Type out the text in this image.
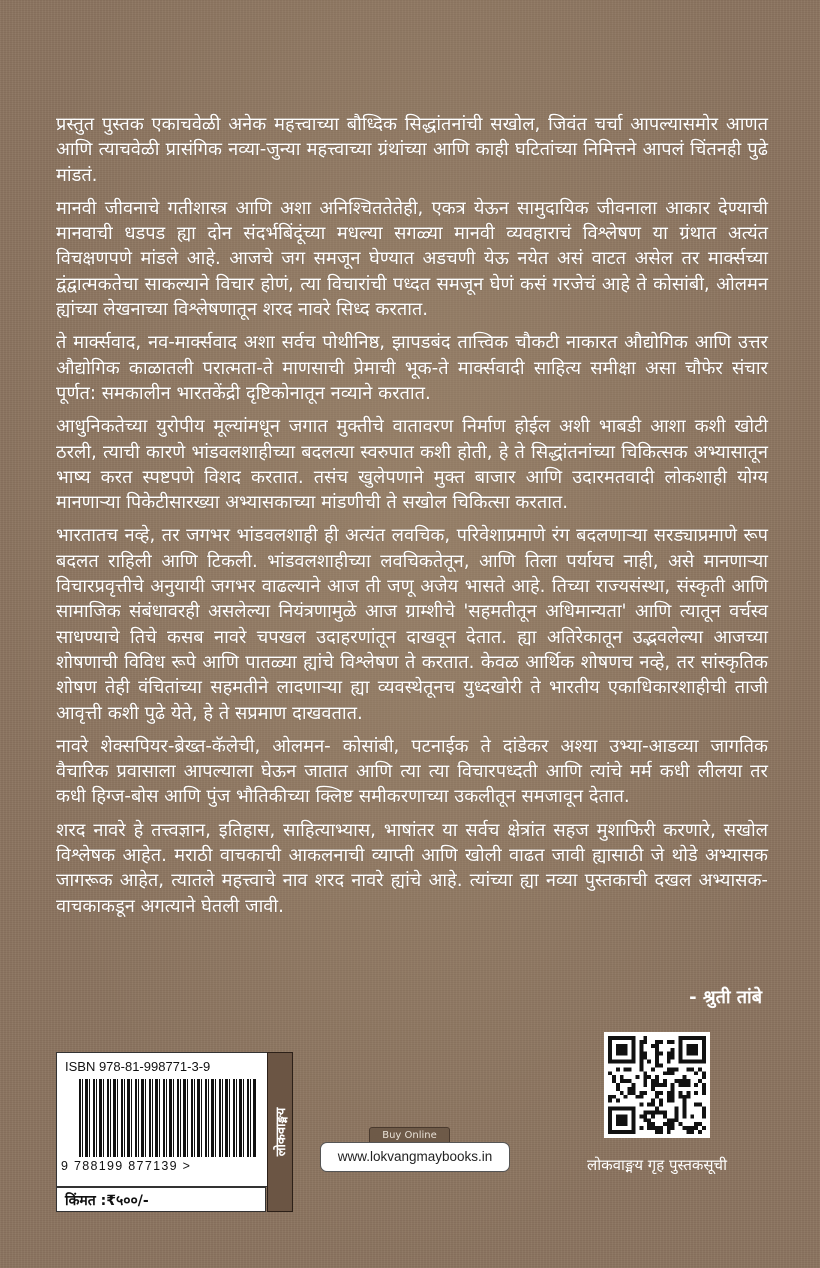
प्रस्तुत पुस्तक एकाचवेळी अनेक महत्त्वाच्या बौध्दिक सिद्धांतनांची सखोल, जिवंत चर्चा आपल्यासमोर आणत आणि त्याचवेळी प्रासंगिक नव्या-जुन्या महत्त्वाच्या ग्रंथांच्या आणि काही घटितांच्या निमित्तने आपलं चिंतनही पुढे मांडतं.

मानवी जीवनाचे गतीशास्त्र आणि अशा अनिश्चिततेतेही, एकत्र येऊन सामुदायिक जीवनाला आकार देण्याची मानवाची धडपड ह्या दोन संदर्भबिंदूंच्या मधल्या सगळ्या मानवी व्यवहाराचं विश्लेषण या ग्रंथात अत्यंत विचक्षणपणे मांडले आहे. आजचे जग समजून घेण्यात अडचणी येऊ नयेत असं वाटत असेल तर मार्क्सच्या द्वंद्वात्मकतेचा साकल्याने विचार होणं, त्या विचारांची पध्दत समजून घेणं कसं गरजेचं आहे ते कोसांबी, ओलमन ह्यांच्या लेखनाच्या विश्लेषणातून शरद नावरे सिध्द करतात.

ते मार्क्सवाद, नव-मार्क्सवाद अशा सर्वच पोथीनिष्ठ, झापडबंद तात्त्विक चौकटी नाकारत औद्योगिक आणि उत्तर औद्योगिक काळातली परात्मता-ते माणसाची प्रेमाची भूक-ते मार्क्सवादी साहित्य समीक्षा असा चौफेर संचार पूर्णत: समकालीन भारतकेंद्री दृष्टिकोनातून नव्याने करतात.

आधुनिकतेच्या युरोपीय मूल्यांमधून जगात मुक्तीचे वातावरण निर्माण होईल अशी भाबडी आशा कशी खोटी ठरली, त्याची कारणे भांडवलशाहीच्या बदलत्या स्वरुपात कशी होती, हे ते सिद्धांतनांच्या चिकित्सक अभ्यासातून भाष्य करत स्पष्टपणे विशद करतात. तसंच खुलेपणाने मुक्त बाजार आणि उदारमतवादी लोकशाही योग्य मानणाऱ्या पिकेटीसारख्या अभ्यासकाच्या मांडणीची ते सखोल चिकित्सा करतात.

भारतातच नव्हे, तर जगभर भांडवलशाही ही अत्यंत लवचिक, परिवेशाप्रमाणे रंग बदलणाऱ्या सरड्याप्रमाणे रूप बदलत राहिली आणि टिकली. भांडवलशाहीच्या लवचिकतेतून, आणि तिला पर्यायच नाही, असे मानणाऱ्या विचारप्रवृत्तीचे अनुयायी जगभर वाढल्याने आज ती जणू अजेय भासते आहे. तिच्या राज्यसंस्था, संस्कृती आणि सामाजिक संबंधावरही असलेल्या नियंत्रणामुळे आज ग्राम्शीचे 'सहमतीतून अधिमान्यता' आणि त्यातून वर्चस्व साधण्याचे तिचे कसब नावरे चपखल उदाहरणांतून दाखवून देतात. ह्या अतिरेकातून उद्भवलेल्या आजच्या शोषणाची विविध रूपे आणि पातळ्या ह्यांचे विश्लेषण ते करतात. केवळ आर्थिक शोषणच नव्हे, तर सांस्कृतिक शोषण तेही वंचितांच्या सहमतीने लादणाऱ्या ह्या व्यवस्थेतूनच युध्दखोरी ते भारतीय एकाधिकारशाहीची ताजी आवृत्ती कशी पुढे येते, हे ते सप्रमाण दाखवतात.

नावरे शेक्सपियर-ब्रेख्त-कॅलेची, ओलमन- कोसांबी, पटनाईक ते दांडेकर अश्या उभ्या-आडव्या जागतिक वैचारिक प्रवासाला आपल्याला घेऊन जातात आणि त्या त्या विचारपध्दती आणि त्यांचे मर्म कधी लीलया तर कधी हिग्ज-बोस आणि पुंज भौतिकीच्या क्लिष्ट समीकरणाच्या उकलीतून समजावून देतात.

शरद नावरे हे तत्त्वज्ञान, इतिहास, साहित्याभ्यास, भाषांतर या सर्वच क्षेत्रांत सहज मुशाफिरी करणारे, सखोल विश्लेषक आहेत. मराठी वाचकाची आकलनाची व्याप्ती आणि खोली वाढत जावी ह्यासाठी जे थोडे अभ्यासक जागरूक आहेत, त्यातले महत्त्वाचे नाव शरद नावरे ह्यांचे आहे. त्यांच्या ह्या नव्या पुस्तकाची दखल अभ्यासक-वाचकाकडून अगत्याने घेतली जावी.

- श्रुती तांबे
ISBN 978-81-998771-3-9
9 788199 877139 >
किंमत :₹५००/-
लोकवाङ्मय	Buy Online
www.lokvangmaybooks.in	लोकवाङ्मय गृह पुस्तकसूची
